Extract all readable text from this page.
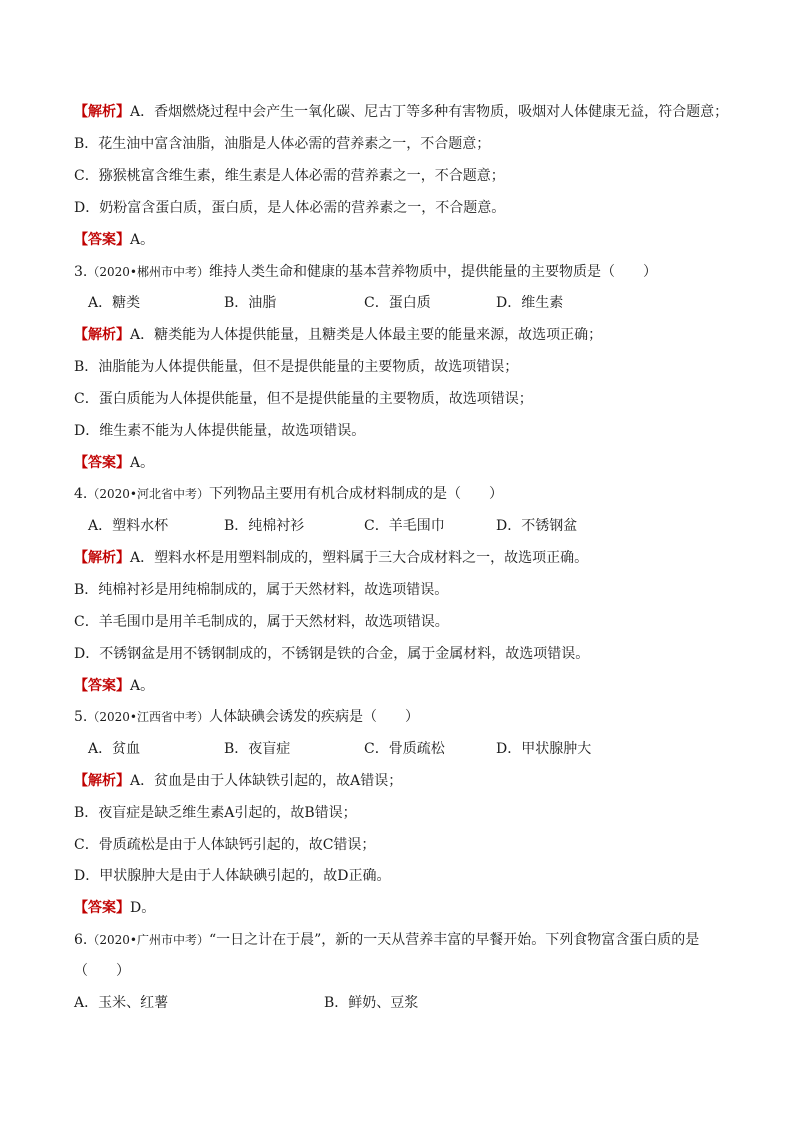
【解析】A．香烟燃烧过程中会产生一氧化碳、尼古丁等多种有害物质，吸烟对人体健康无益，符合题意；
B．花生油中富含油脂，油脂是人体必需的营养素之一，不合题意；
C．猕猴桃富含维生素，维生素是人体必需的营养素之一，不合题意；
D．奶粉富含蛋白质，蛋白质，是人体必需的营养素之一，不合题意。
【答案】A。
3.（2020•郴州市中考）维持人类生命和健康的基本营养物质中，提供能量的主要物质是（　　）
A．糖类	B．油脂	C．蛋白质	D．维生素
【解析】A．糖类能为人体提供能量，且糖类是人体最主要的能量来源，故选项正确；
B．油脂能为人体提供能量，但不是提供能量的主要物质，故选项错误；
C．蛋白质能为人体提供能量，但不是提供能量的主要物质，故选项错误；
D．维生素不能为人体提供能量，故选项错误。
【答案】A。
4.（2020•河北省中考）下列物品主要用有机合成材料制成的是（　　）
A．塑料水杯	B．纯棉衬衫	C．羊毛围巾	D．不锈钢盆
【解析】A．塑料水杯是用塑料制成的，塑料属于三大合成材料之一，故选项正确。
B．纯棉衬衫是用纯棉制成的，属于天然材料，故选项错误。
C．羊毛围巾是用羊毛制成的，属于天然材料，故选项错误。
D．不锈钢盆是用不锈钢制成的，不锈钢是铁的合金，属于金属材料，故选项错误。
【答案】A。
5.（2020•江西省中考）人体缺碘会诱发的疾病是（　　）
A．贫血	B．夜盲症	C．骨质疏松	D．甲状腺肿大
【解析】A．贫血是由于人体缺铁引起的，故A错误；
B．夜盲症是缺乏维生素A引起的，故B错误；
C．骨质疏松是由于人体缺钙引起的，故C错误；
D．甲状腺肿大是由于人体缺碘引起的，故D正确。
【答案】D。
6.（2020•广州市中考）“一日之计在于晨”，新的一天从营养丰富的早餐开始。下列食物富含蛋白质的是
（　　）
A．玉米、红薯	B．鲜奶、豆浆
